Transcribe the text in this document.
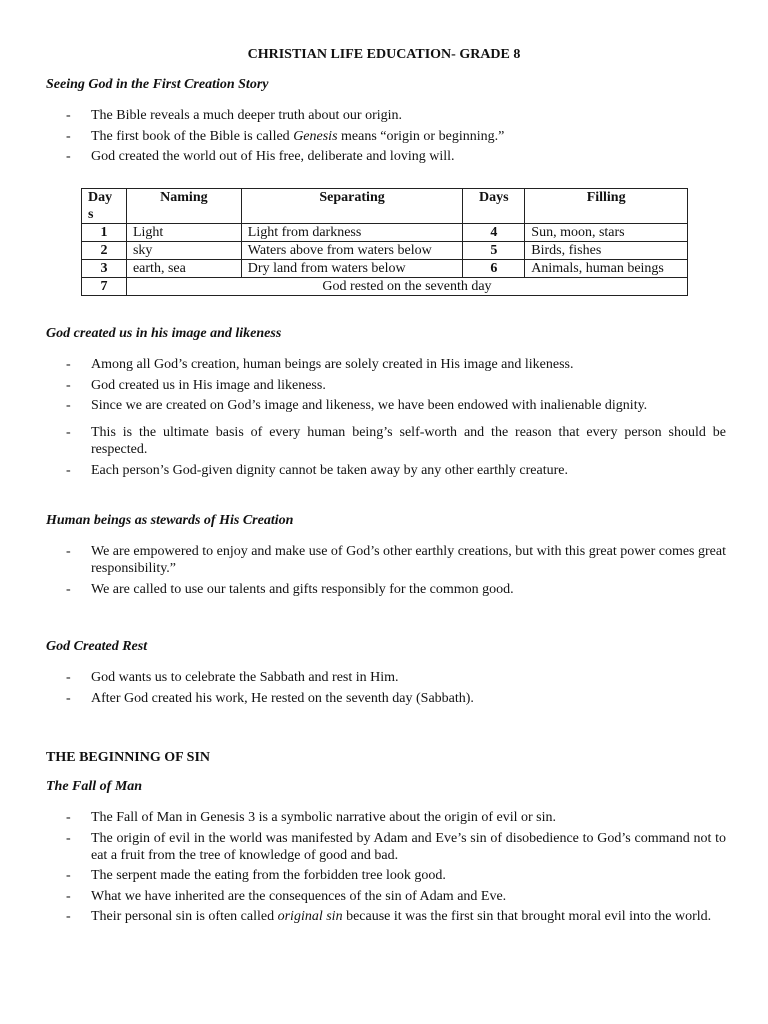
CHRISTIAN LIFE EDUCATION- GRADE 8
Seeing God in the First Creation Story
- The Bible reveals a much deeper truth about our origin.
- The first book of the Bible is called Genesis means “origin or beginning.”
- God created the world out of His free, deliberate and loving will.
Day s	Naming	Separating	Days	Filling
1	Light	Light from darkness	4	Sun, moon, stars
2	sky	Waters above from waters below	5	Birds, fishes
3	earth, sea	Dry land from waters below	6	Animals, human beings
7	God rested on the seventh day			
God created us in his image and likeness
- Among all God’s creation, human beings are solely created in His image and likeness.
- God created us in His image and likeness.
- Since we are created on God’s image and likeness, we have been endowed with inalienable dignity.
- This is the ultimate basis of every human being’s self-worth and the reason that every person should be respected.
- Each person’s God-given dignity cannot be taken away by any other earthly creature.
Human beings as stewards of His Creation
- We are empowered to enjoy and make use of God’s other earthly creations, but with this great power comes great responsibility.”
- We are called to use our talents and gifts responsibly for the common good.
God Created Rest
- God wants us to celebrate the Sabbath and rest in Him.
- After God created his work, He rested on the seventh day (Sabbath).
THE BEGINNING OF SIN
The Fall of Man
- The Fall of Man in Genesis 3 is a symbolic narrative about the origin of evil or sin.
- The origin of evil in the world was manifested by Adam and Eve’s sin of disobedience to God’s command not to eat a fruit from the tree of knowledge of good and bad.
- The serpent made the eating from the forbidden tree look good.
- What we have inherited are the consequences of the sin of Adam and Eve.
- Their personal sin is often called original sin because it was the first sin that brought moral evil into the world.
